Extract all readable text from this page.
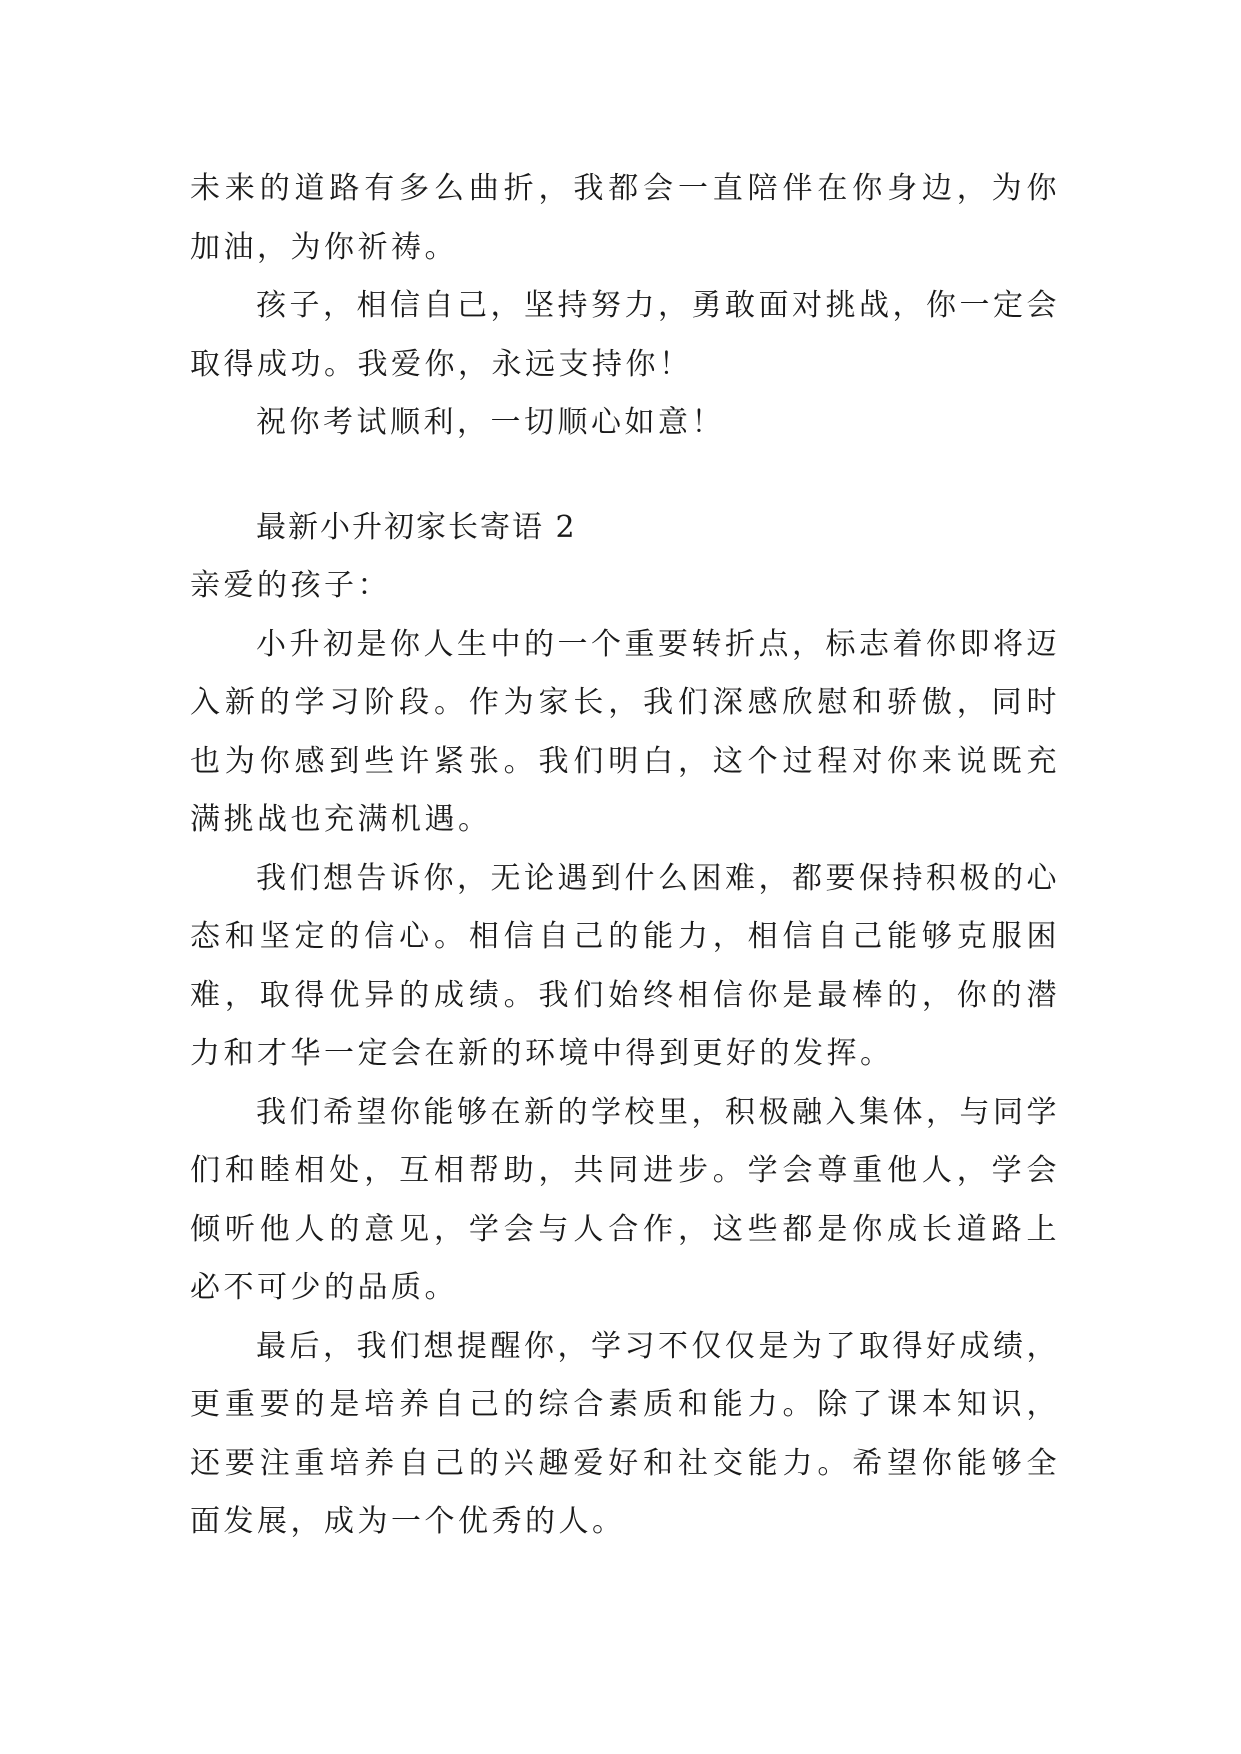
未来的道路有多么曲折，我都会一直陪伴在你身边，为你加油，为你祈祷。

孩子，相信自己，坚持努力，勇敢面对挑战，你一定会取得成功。我爱你，永远支持你！

祝你考试顺利，一切顺心如意！

最新小升初家长寄语 2

亲爱的孩子：

小升初是你人生中的一个重要转折点，标志着你即将迈入新的学习阶段。作为家长，我们深感欣慰和骄傲，同时也为你感到些许紧张。我们明白，这个过程对你来说既充满挑战也充满机遇。

我们想告诉你，无论遇到什么困难，都要保持积极的心态和坚定的信心。相信自己的能力，相信自己能够克服困难，取得优异的成绩。我们始终相信你是最棒的，你的潜力和才华一定会在新的环境中得到更好的发挥。

我们希望你能够在新的学校里，积极融入集体，与同学们和睦相处，互相帮助，共同进步。学会尊重他人，学会倾听他人的意见，学会与人合作，这些都是你成长道路上必不可少的品质。

最后，我们想提醒你，学习不仅仅是为了取得好成绩，更重要的是培养自己的综合素质和能力。除了课本知识，还要注重培养自己的兴趣爱好和社交能力。希望你能够全面发展，成为一个优秀的人。
